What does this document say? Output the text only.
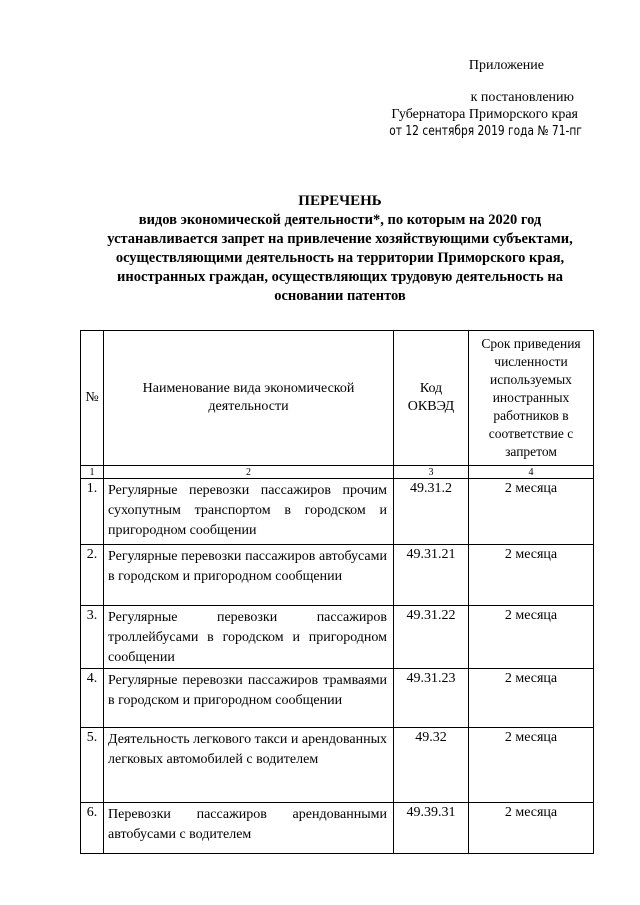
Приложение
к постановлению
Губернатора Приморского края
от 12 сентября 2019 года № 71-пг
ПЕРЕЧЕНЬ
видов экономической деятельности*, по которым на 2020 год устанавливается запрет на привлечение хозяйствующими субъектами, осуществляющими деятельность на территории Приморского края, иностранных граждан, осуществляющих трудовую деятельность на основании патентов
№	Наименование вида экономической деятельности	Код ОКВЭД	Срок приведения численности используемых иностранных работников в соответствие с запретом
1	2	3	4
1.	Регулярные перевозки пассажиров прочим сухопутным транспортом в городском и пригородном сообщении	49.31.2	2 месяца
2.	Регулярные перевозки пассажиров автобусами в городском и пригородном сообщении	49.31.21	2 месяца
3.	Регулярные перевозки пассажиров троллейбусами в городском и пригородном сообщении	49.31.22	2 месяца
4.	Регулярные перевозки пассажиров трамваями в городском и пригородном сообщении	49.31.23	2 месяца
5.	Деятельность легкового такси и арендованных легковых автомобилей с водителем	49.32	2 месяца
6.	Перевозки пассажиров арендованными автобусами с водителем	49.39.31	2 месяца
